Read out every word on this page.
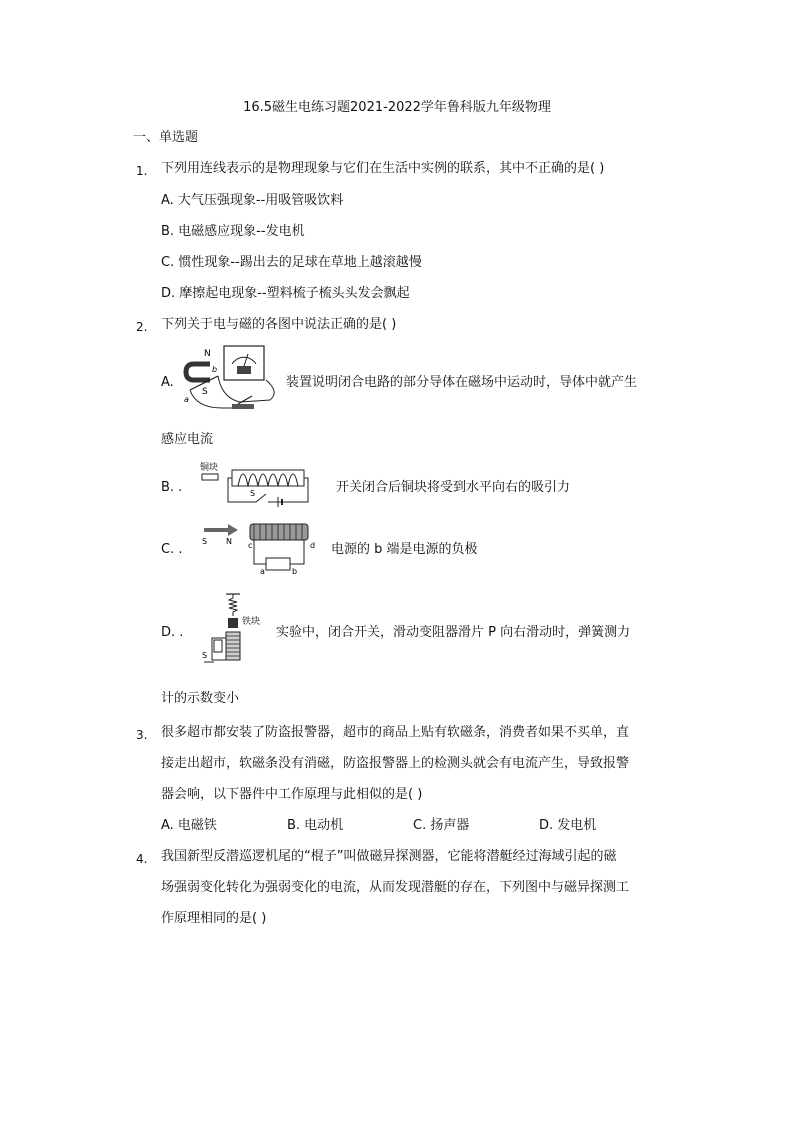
16.5磁生电练习题2021-2022学年鲁科版九年级物理
一、单选题
1. 下列用连线表示的是物理现象与它们在生活中实例的联系，其中不正确的是( )
A. 大气压强现象--用吸管吸饮料
B. 电磁感应现象--发电机
C. 惯性现象--踢出去的足球在草地上越滚越慢
D. 摩擦起电现象--塑料梳子梳头头发会飘起
2. 下列关于电与磁的各图中说法正确的是( )
A.
N
S
a
b
装置说明闭合电路的部分导体在磁场中运动时，导体中就产生
感应电流
B. .
铜块
S	开关闭合后铜块将受到水平向右的吸引力
C. .
S N c	d
a	b
电源的 b 端是电源的负极
D. .
铁块
S
实验中，闭合开关，滑动变阻器滑片 P 向右滑动时，弹簧测力
计的示数变小
3. 很多超市都安装了防盗报警器，超市的商品上贴有软磁条，消费者如果不买单，直
接走出超市，软磁条没有消磁，防盗报警器上的检测头就会有电流产生，导致报警
器会响，以下器件中工作原理与此相似的是( )
A. 电磁铁	B. 电动机	C. 扬声器	D. 发电机
4. 我国新型反潜巡逻机尾的“棍子”叫做磁异探测器，它能将潜艇经过海域引起的磁
场强弱变化转化为强弱变化的电流，从而发现潜艇的存在，下列图中与磁异探测工
作原理相同的是( )
